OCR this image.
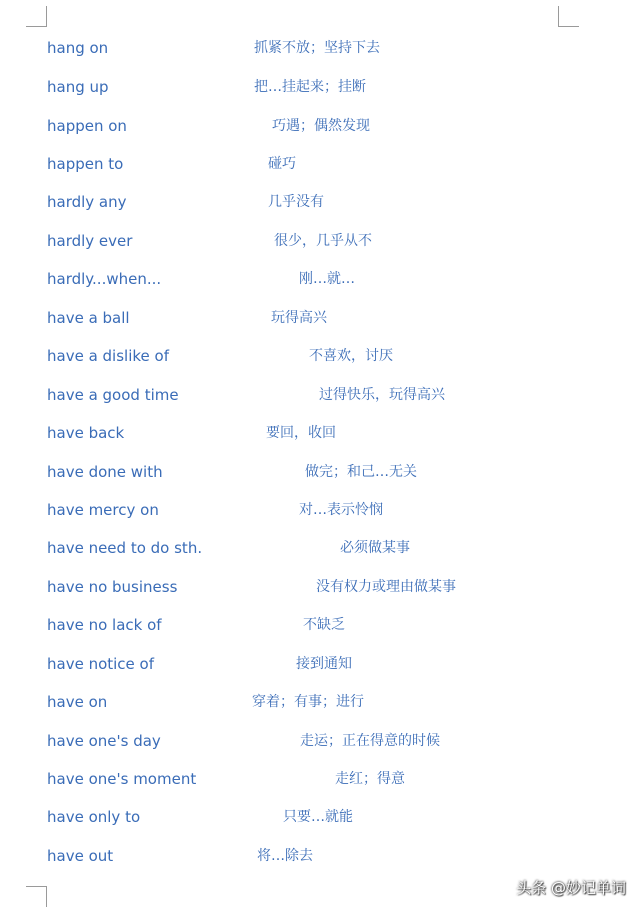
hang on	抓紧不放；坚持下去
hang up	把…挂起来；挂断
happen on	巧遇；偶然发现
happen to	碰巧
hardly any	几乎没有
hardly ever	很少，几乎从不
hardly...when...	刚…就…
have a ball	玩得高兴
have a dislike of	不喜欢，讨厌
have a good time	过得快乐，玩得高兴
have back	要回，收回
have done with	做完；和己…无关
have mercy on	对…表示怜悯
have need to do sth.	必须做某事
have no business	没有权力或理由做某事
have no lack of	不缺乏
have notice of	接到通知
have on	穿着；有事；进行
have one's day	走运；正在得意的时候
have one's moment	走红；得意
have only to	只要…就能
have out	将…除去
头条 @妙记单词
